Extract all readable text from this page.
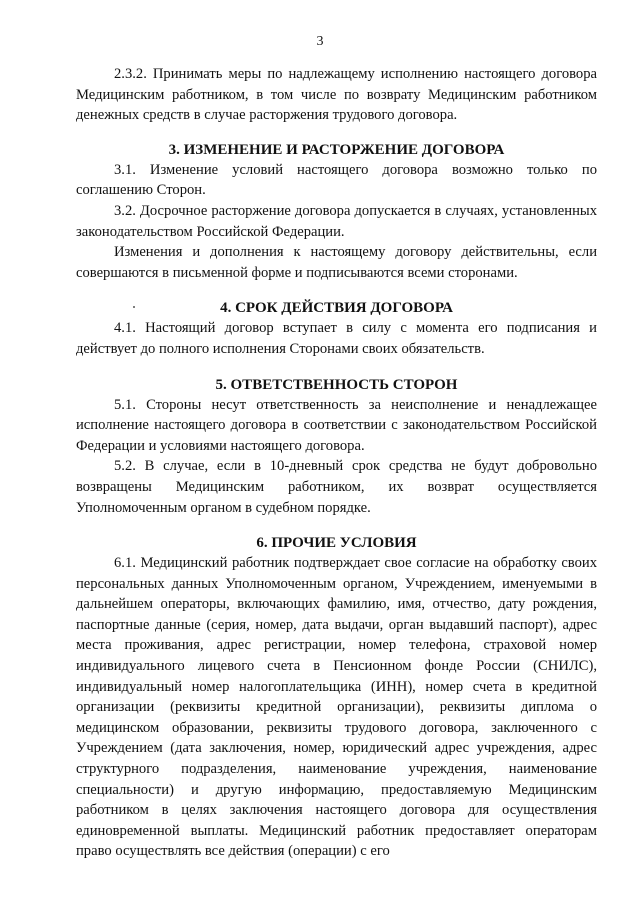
3

2.3.2. Принимать меры по надлежащему исполнению настоящего договора Медицинским работником, в том числе по возврату Медицинским работником денежных средств в случае расторжения трудового договора.

3. ИЗМЕНЕНИЕ И РАСТОРЖЕНИЕ ДОГОВОРА

3.1. Изменение условий настоящего договора возможно только по соглашению Сторон.

3.2. Досрочное расторжение договора допускается в случаях, установленных законодательством Российской Федерации.

Изменения и дополнения к настоящему договору действительны, если совершаются в письменной форме и подписываются всеми сторонами.

4. СРОК ДЕЙСТВИЯ ДОГОВОРА

4.1. Настоящий договор вступает в силу с момента его подписания и действует до полного исполнения Сторонами своих обязательств.

5. ОТВЕТСТВЕННОСТЬ СТОРОН

5.1. Стороны несут ответственность за неисполнение и ненадлежащее исполнение настоящего договора в соответствии с законодательством Российской Федерации и условиями настоящего договора.

5.2. В случае, если в 10-дневный срок средства не будут добровольно возвращены Медицинским работником, их возврат осуществляется Уполномоченным органом в судебном порядке.

6. ПРОЧИЕ УСЛОВИЯ

6.1. Медицинский работник подтверждает свое согласие на обработку своих персональных данных Уполномоченным органом, Учреждением, именуемыми в дальнейшем операторы, включающих фамилию, имя, отчество, дату рождения, паспортные данные (серия, номер, дата выдачи, орган выдавший паспорт), адрес места проживания, адрес регистрации, номер телефона, страховой номер индивидуального лицевого счета в Пенсионном фонде России (СНИЛС), индивидуальный номер налогоплательщика (ИНН), номер счета в кредитной организации (реквизиты кредитной организации), реквизиты диплома о медицинском образовании, реквизиты трудового договора, заключенного с Учреждением (дата заключения, номер, юридический адрес учреждения, адрес структурного подразделения, наименование учреждения, наименование специальности) и другую информацию, предоставляемую Медицинским работником в целях заключения настоящего договора для осуществления единовременной выплаты. Медицинский работник предоставляет операторам право осуществлять все действия (операции) с его
